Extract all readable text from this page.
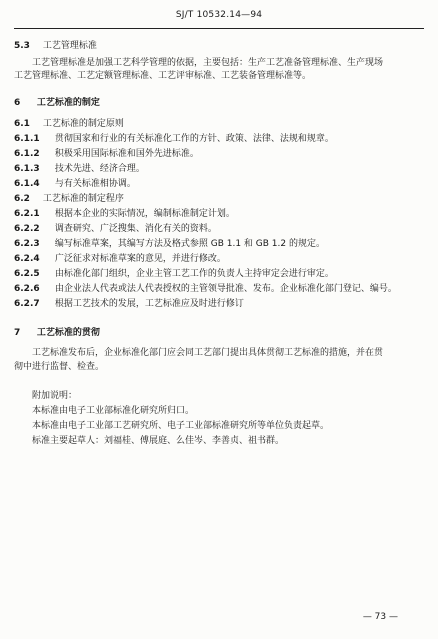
SJ/T 10532.14—94
5.3 工艺管理标准
工艺管理标准是加强工艺科学管理的依据，主要包括：生产工艺准备管理标准、生产现场
工艺管理标准、工艺定额管理标准、工艺评审标准、工艺装备管理标准等。
6 工艺标准的制定
6.1 工艺标准的制定原则
6.1.1 贯彻国家和行业的有关标准化工作的方针、政策、法律、法规和规章。
6.1.2 积极采用国际标准和国外先进标准。
6.1.3 技术先进、经济合理。
6.1.4 与有关标准相协调。
6.2 工艺标准的制定程序
6.2.1 根据本企业的实际情况，编制标准制定计划。
6.2.2 调查研究、广泛搜集、消化有关的资料。
6.2.3 编写标准草案，其编写方法及格式参照 GB 1.1 和 GB 1.2 的规定。
6.2.4 广泛征求对标准草案的意见，并进行修改。
6.2.5 由标准化部门组织，企业主管工艺工作的负责人主持审定会进行审定。
6.2.6 由企业法人代表或法人代表授权的主管领导批准、发布。企业标准化部门登记、编号。
6.2.7 根据工艺技术的发展，工艺标准应及时进行修订
7 工艺标准的贯彻
工艺标准发布后，企业标准化部门应会同工艺部门提出具体贯彻工艺标准的措施，并在贯
彻中进行监督、检查。
附加说明：
本标准由电子工业部标准化研究所归口。
本标准由电子工业部工艺研究所、电子工业部标准研究所等单位负责起草。
标准主要起草人：刘福桂、傅展庭、么佳岑、李善贞、祖书群。
— 73 —
